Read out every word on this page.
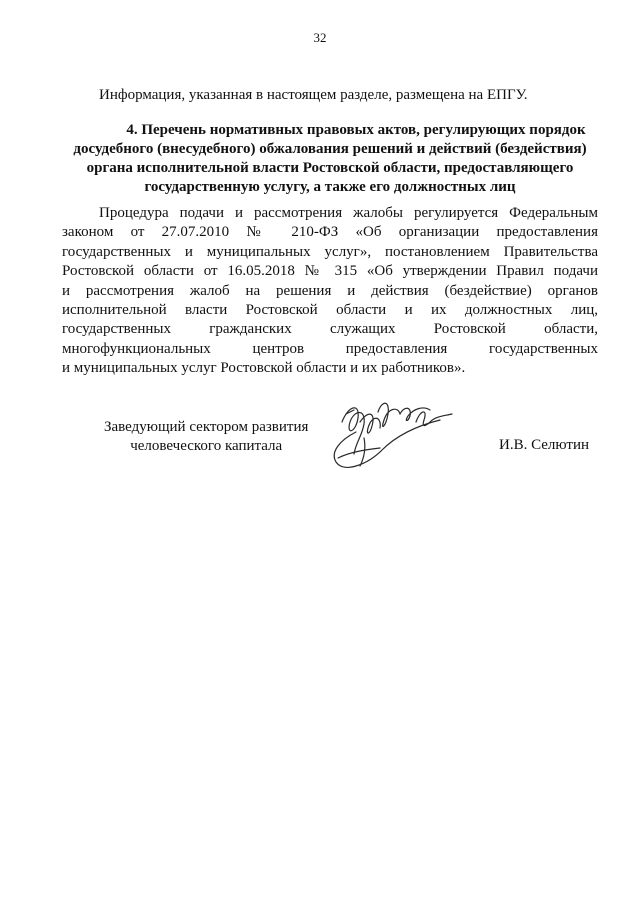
32
Информация, указанная в настоящем разделе, размещена на ЕПГУ.
4. Перечень нормативных правовых актов, регулирующих порядок
досудебного (внесудебного) обжалования решений и действий (бездействия)
органа исполнительной власти Ростовской области, предоставляющего
государственную услугу, а также его должностных лиц

Процедура подачи и рассмотрения жалобы регулируется Федеральным
законом от 27.07.2010 № 210-ФЗ «Об организации предоставления
государственных и муниципальных услуг», постановлением Правительства
Ростовской области от 16.05.2018 № 315 «Об утверждении Правил подачи
и рассмотрения жалоб на решения и действия (бездействие) органов
исполнительной власти Ростовской области и их должностных лиц,
государственных гражданских служащих Ростовской области,
многофункциональных центров предоставления государственных
и муниципальных услуг Ростовской области и их работников».

Заведующий сектором развития
человеческого капитала	И.В. Селютин
